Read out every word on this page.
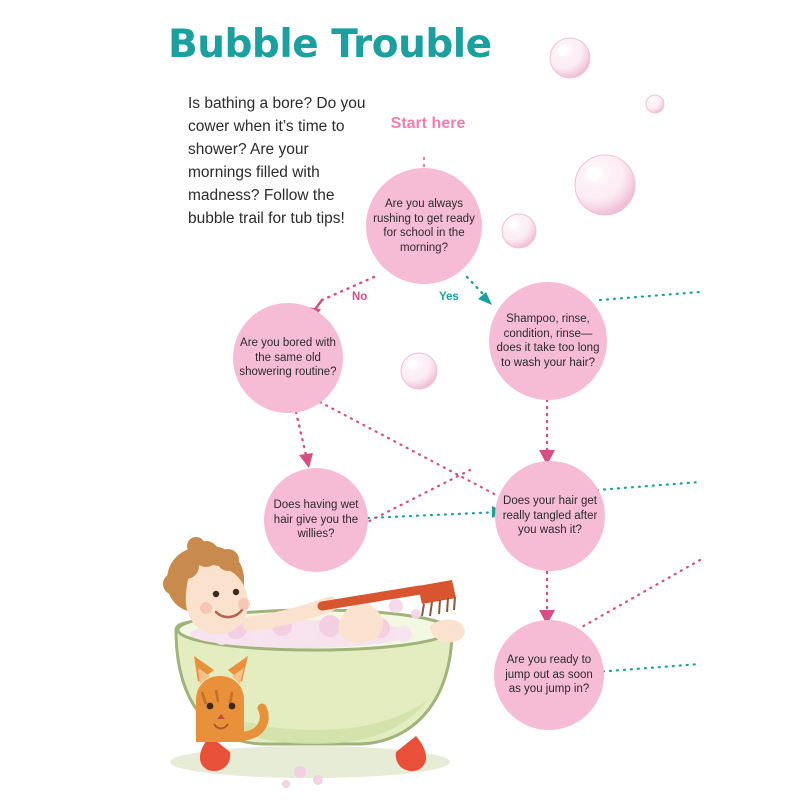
Bubble Trouble
Is bathing a bore? Do you cower when it’s time to shower? Are your mornings filled with madness? Follow the bubble trail for tub tips!
Start here
Are you always rushing to get ready for school in the morning?
Are you bored with the same old showering routine?
Shampoo, rinse, condition, rinse—does it take too long to wash your hair?
Does having wet hair give you the willies?
Does your hair get really tangled after you wash it?
Are you ready to jump out as soon as you jump in?
No	Yes
